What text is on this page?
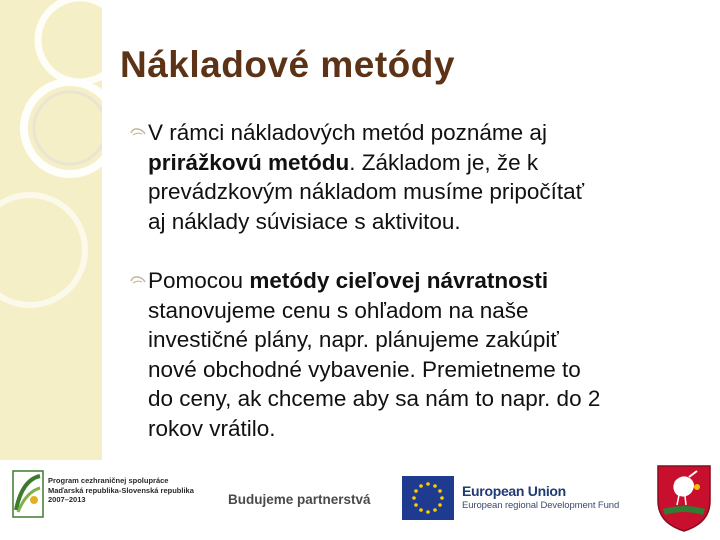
Nákladové metódy
V rámci nákladových metód poznáme aj
prirážkovú metódu. Základom je, že k
prevádzkovým nákladom musíme pripočítať
aj náklady súvisiace s aktivitou.
Pomocou metódy cieľovej návratnosti
stanovujeme cenu s ohľadom na naše
investičné plány, napr. plánujeme zakúpiť
nové obchodné vybavenie. Premietneme to
do ceny, ak chceme aby sa nám to napr. do 2
rokov vrátilo.
Program cezhraničnej spolupráce
Maďarská republika-Slovenská republika
2007–2013	Budujeme partnerstvá
European Union
European regional Development Fund
